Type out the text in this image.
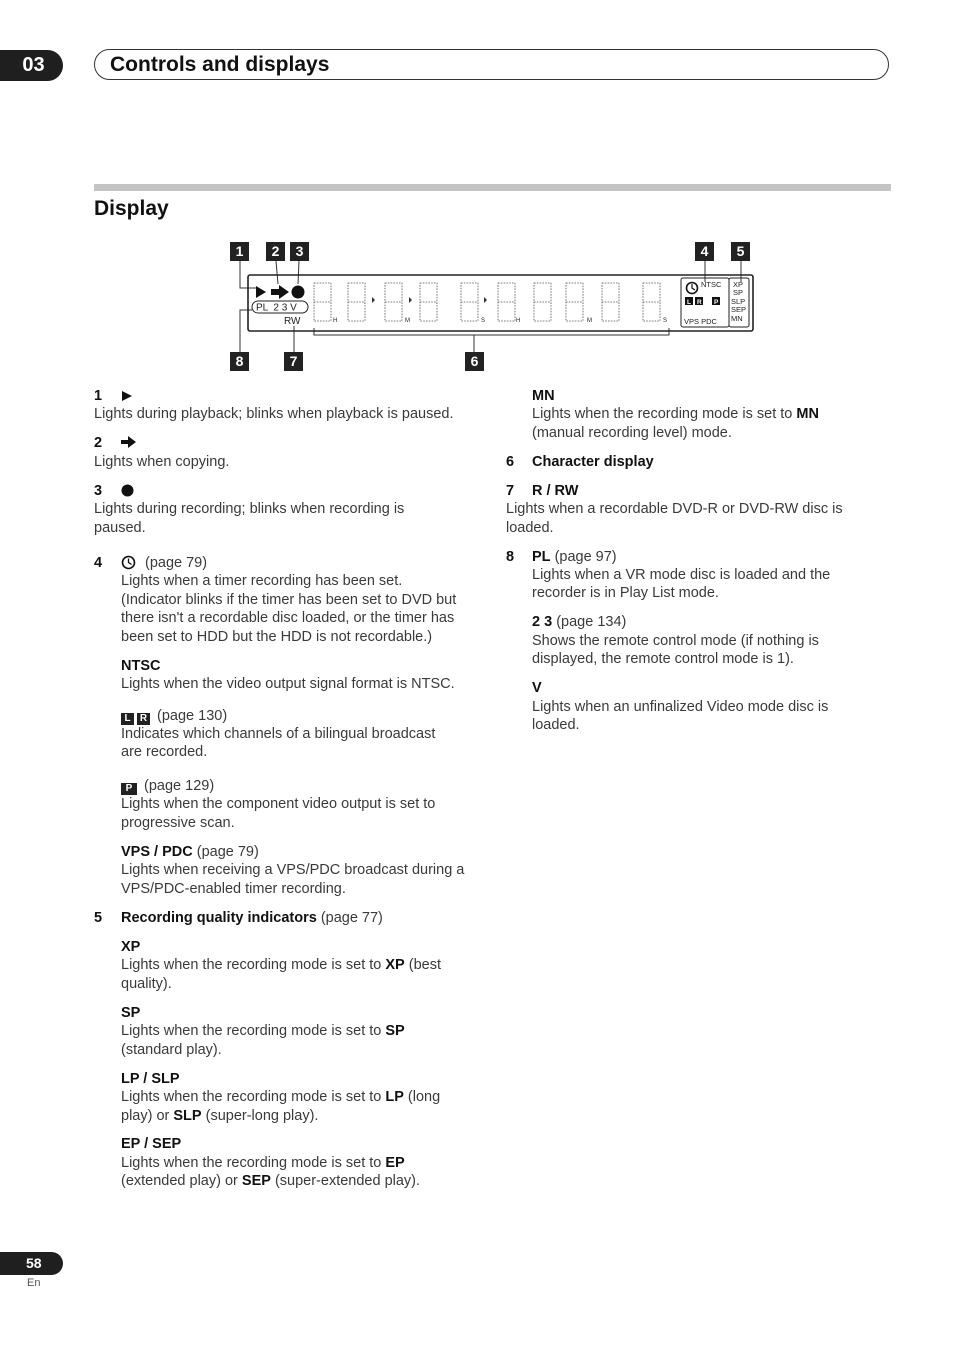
03	Controls and displays
Display
1	2	3	4	5
6
7
8
PL  2 3 V
RW	H	M	S	H	M	S
NTSC
VPS PDC
XP
SP
SLP
SEP
MN
L R P
1
Lights during playback; blinks when playback is paused.
2
Lights when copying.
3
Lights during recording; blinks when recording is
paused.
4	(page 79)
Lights when a timer recording has been set.
(Indicator blinks if the timer has been set to DVD but
there isn't a recordable disc loaded, or the timer has
been set to HDD but the HDD is not recordable.)
NTSC
Lights when the video output signal format is NTSC.
L R (page 130)
Indicates which channels of a bilingual broadcast
are recorded.
P (page 129)
Lights when the component video output is set to
progressive scan.
VPS / PDC (page 79)
Lights when receiving a VPS/PDC broadcast during a
VPS/PDC-enabled timer recording.
5 Recording quality indicators (page 77)
XP
Lights when the recording mode is set to XP (best
quality).
SP
Lights when the recording mode is set to SP
(standard play).
LP / SLP
Lights when the recording mode is set to LP (long
play) or SLP (super-long play).
EP / SEP
Lights when the recording mode is set to EP
(extended play) or SEP (super-extended play).
MN
Lights when the recording mode is set to MN
(manual recording level) mode.
6 Character display
7 R / RW
Lights when a recordable DVD-R or DVD-RW disc is
loaded.
8 PL (page 97)
Lights when a VR mode disc is loaded and the
recorder is in Play List mode.
2 3 (page 134)
Shows the remote control mode (if nothing is
displayed, the remote control mode is 1).
V
Lights when an unfinalized Video mode disc is
loaded.
58
En
